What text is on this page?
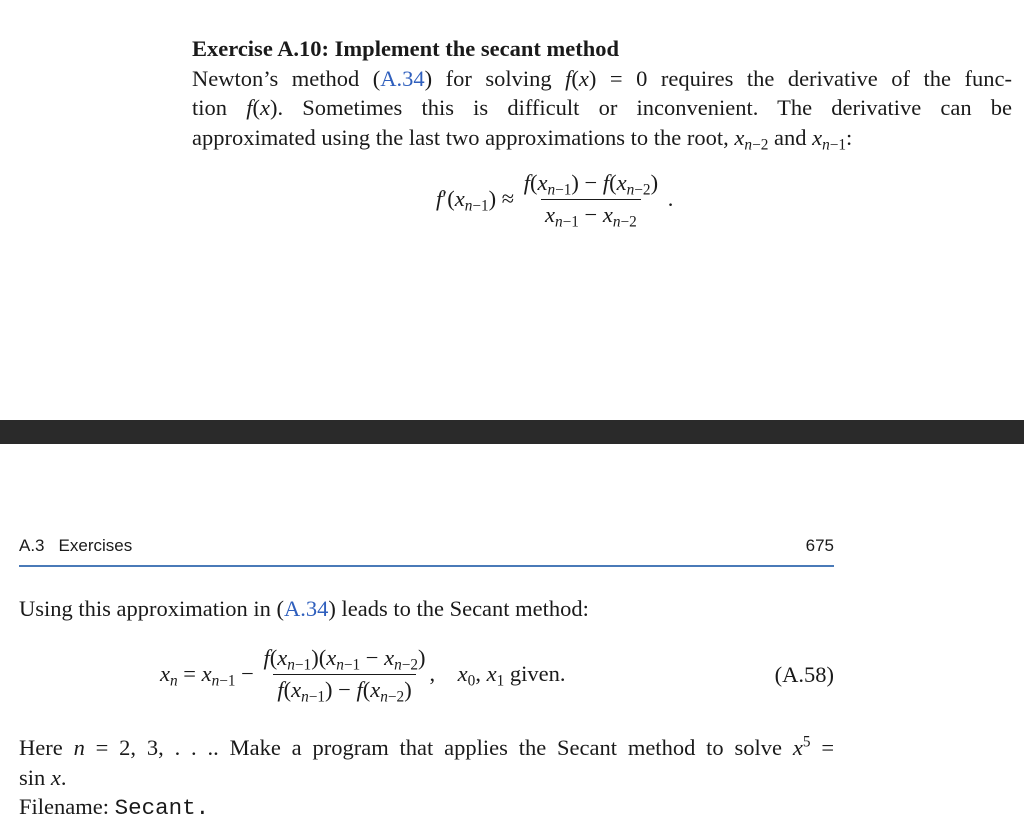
Exercise A.10: Implement the secant method

Newton’s method (A.34) for solving f(x) = 0 requires the derivative of the func-

tion f(x). Sometimes this is difficult or inconvenient. The derivative can be

approximated using the last two approximations to the root, $x_{n-2}$ and $x_{n-1}$:

$f'(x_{n-1}) \approx \frac{f(x_{n-1}) - f(x_{n-2})}{x_{n-1} - x_{n-2}}$ .
A.3 Exercises	675
Using this approximation in (A.34) leads to the Secant method:
$x_n = x_{n-1} - \frac{f(x_{n-1})(x_{n-1} - x_{n-2})}{f(x_{n-1}) - f(x_{n-2})}$ ,    $x_0$, $x_1$ given.	(A.58)

Here n = 2, 3, . . .. Make a program that applies the Secant method to solve $x^5$ =

sin x.

Filename: Secant.
